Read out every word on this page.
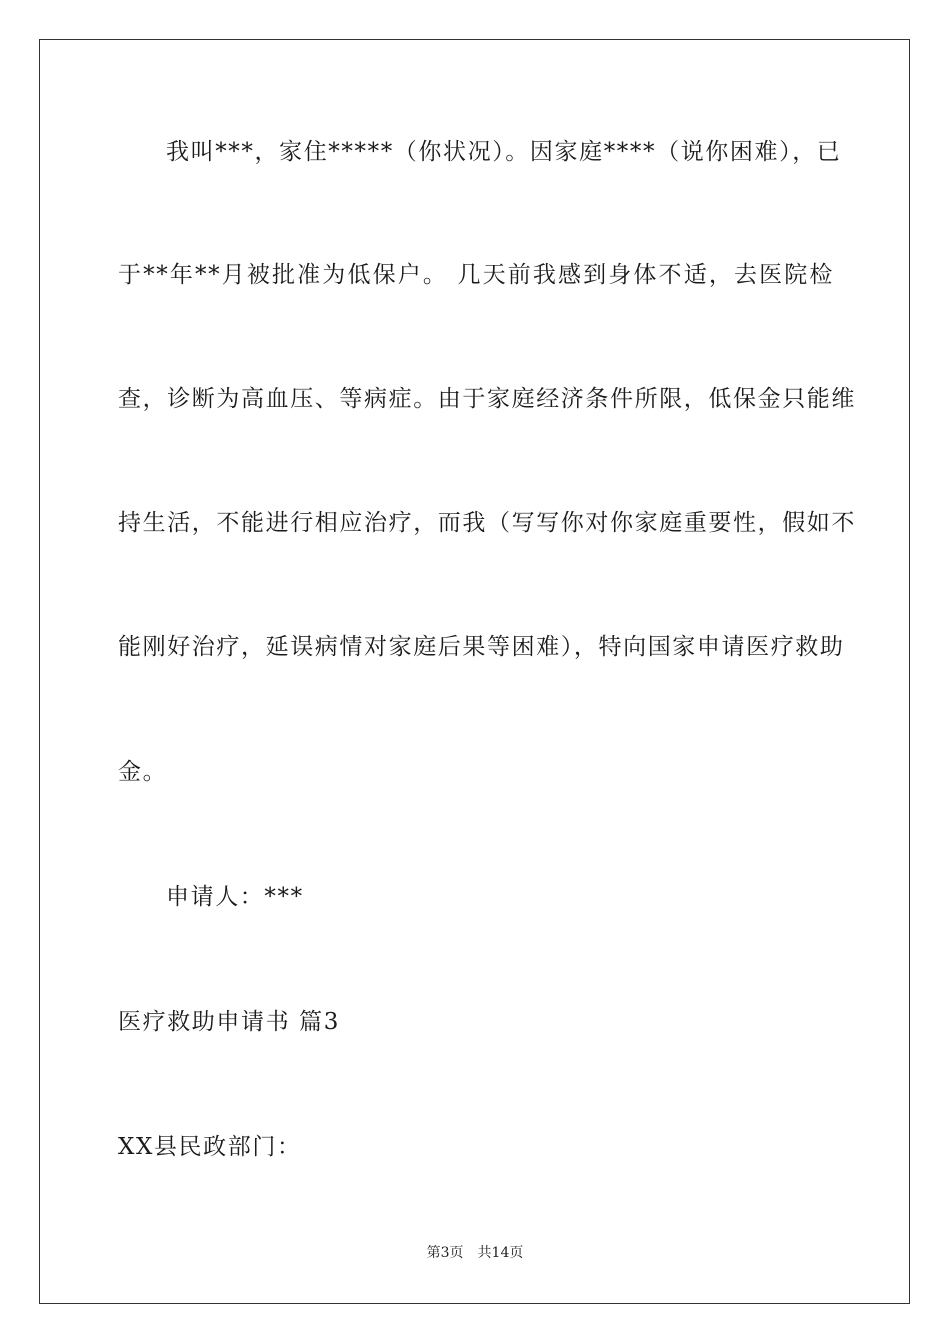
我叫***，家住*****（你状况）。因家庭****（说你困难），已
于**年**月被批准为低保户。 几天前我感到身体不适，去医院检
查，诊断为高血压、等病症。由于家庭经济条件所限，低保金只能维
持生活，不能进行相应治疗，而我（写写你对你家庭重要性，假如不
能刚好治疗，延误病情对家庭后果等困难），特向国家申请医疗救助
金。
申请人：***
医疗救助申请书 篇3
XX县民政部门：
第3页 共14页
